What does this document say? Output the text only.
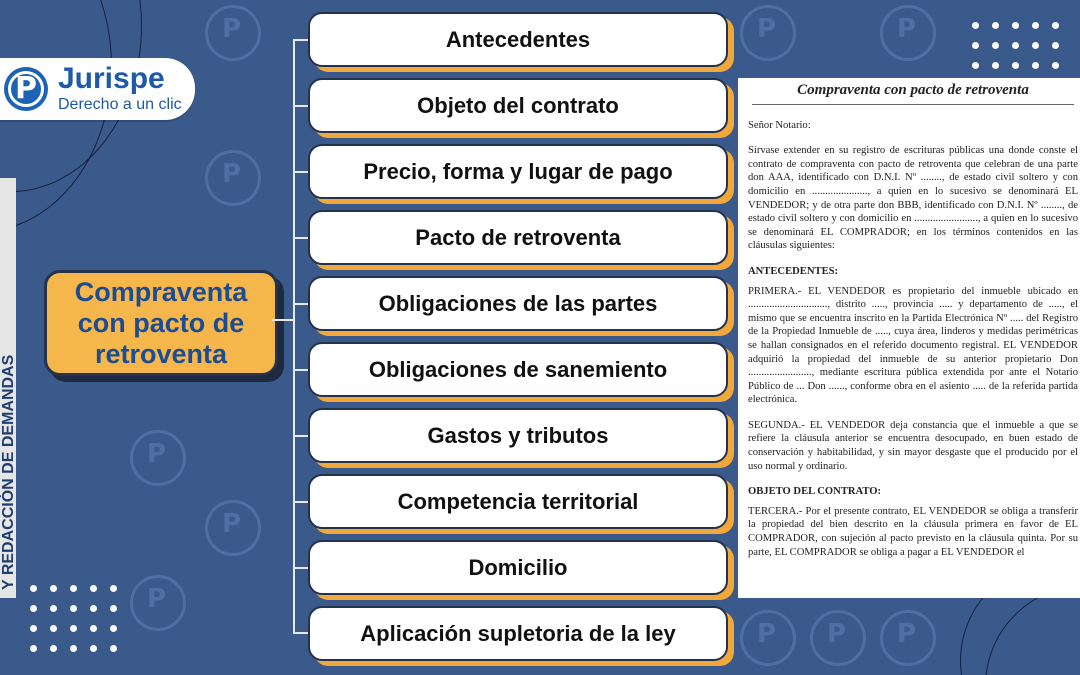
P
P
P
P
P
P
P
P
P
P
P Jurispe
Derecho a un clic
Y REDACCIÓN DE DEMANDAS
Compraventa con pacto de retroventa
Antecedentes
Objeto del contrato
Precio, forma y lugar de pago
Pacto de retroventa
Obligaciones de las partes
Obligaciones de sanemiento
Gastos y tributos
Competencia territorial
Domicilio
Aplicación supletoria de la ley
Compraventa con pacto de retroventa

Señor Notario:

Sírvase extender en su registro de escrituras públicas una donde conste el contrato de compraventa con pacto de retroventa que celebran de una parte don AAA, identificado con D.N.I. Nº ........, de estado civil soltero y con domicilio en ....................., a quien en lo sucesivo se denominará EL VENDEDOR; y de otra parte don BBB, identificado con D.N.I. Nº ........, de estado civil soltero y con domicilio en ........................, a quien en lo sucesivo se denominará EL COMPRADOR; en los términos contenidos en las cláusulas siguientes:

ANTECEDENTES:

PRIMERA.- EL VENDEDOR es propietario del inmueble ubicado en .............................., distrito ....., provincia ..... y departamento de ....., el mismo que se encuentra inscrito en la Partida Electrónica Nº ..... del Registro de la Propiedad Inmueble de ....., cuya área, linderos y medidas perimétricas se hallan consignados en el referido documento registral. EL VENDEDOR adquirió la propiedad del inmueble de su anterior propietario Don ........................, mediante escritura pública extendida por ante el Notario Público de ... Don ......, conforme obra en el asiento ..... de la referida partida electrónica.

SEGUNDA.- EL VENDEDOR deja constancia que el inmueble a que se refiere la cláusula anterior se encuentra desocupado, en buen estado de conservación y habitabilidad, y sin mayor desgaste que el producido por el uso normal y ordinario.

OBJETO DEL CONTRATO:

TERCERA.- Por el presente contrato, EL VENDEDOR se obliga a transferir la propiedad del bien descrito en la cláusula primera en favor de EL COMPRADOR, con sujeción al pacto previsto en la cláusula quinta. Por su parte, EL COMPRADOR se obliga a pagar a EL VENDEDOR el
